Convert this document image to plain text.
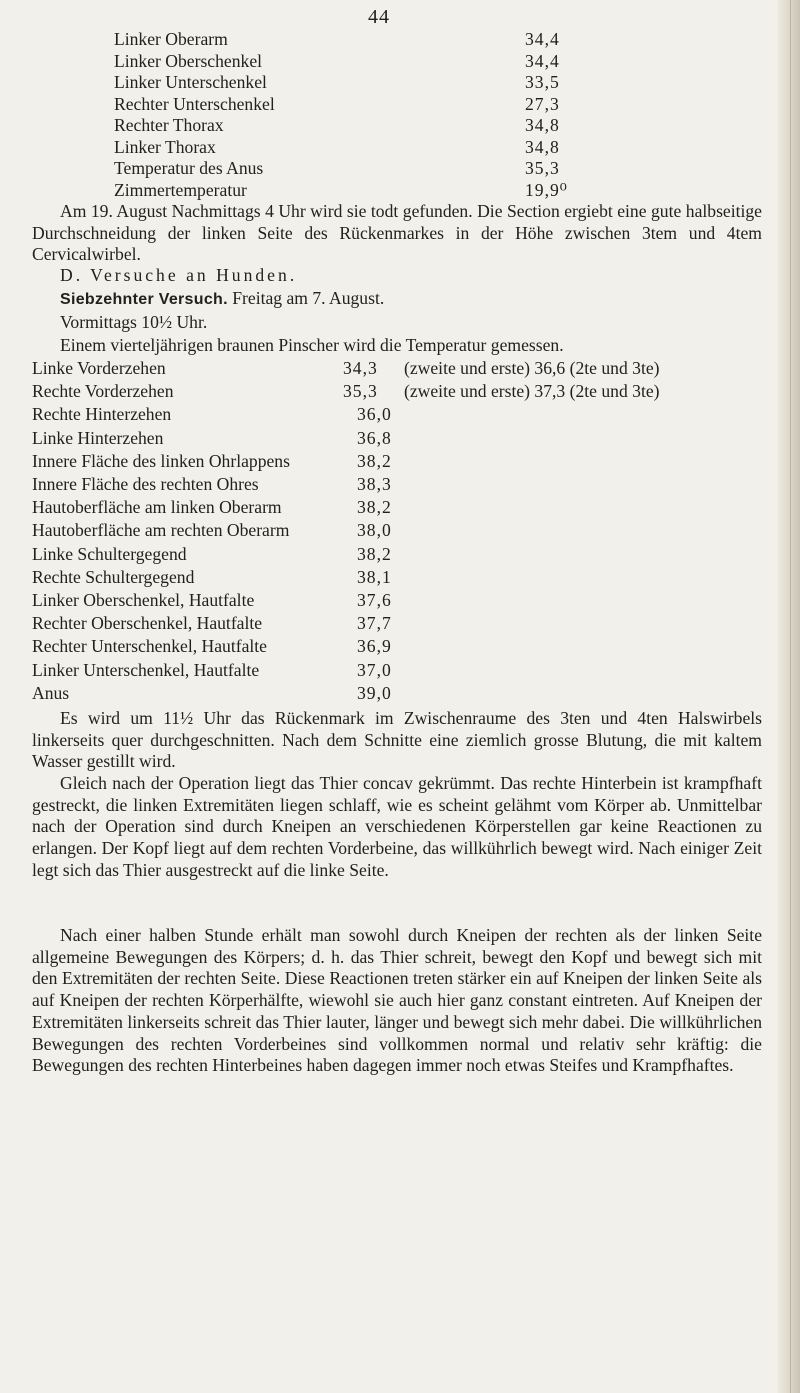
44
Linker Oberarm	34,4
Linker Oberschenkel	34,4
Linker Unterschenkel	33,5
Rechter Unterschenkel	27,3
Rechter Thorax	34,8
Linker Thorax	34,8
Temperatur des Anus	35,3
Zimmertemperatur	19,9⁰

Am 19. August Nachmittags 4 Uhr wird sie todt gefunden. Die Section ergiebt eine gute halbseitige Durchschneidung der linken Seite des Rückenmarkes in der Höhe zwischen 3tem und 4tem Cervicalwirbel.

D. Versuche an Hunden.
Siebzehnter Versuch. Freitag am 7. August.
Vormittags 10½ Uhr.
Einem vierteljährigen braunen Pinscher wird die Temperatur gemessen.
Linke Vorderzehen	34,3 (zweite und erste) 36,6 (2te und 3te)
Rechte Vorderzehen	35,3 (zweite und erste) 37,3 (2te und 3te)
Rechte Hinterzehen	36,0
Linke Hinterzehen	36,8
Innere Fläche des linken Ohrlappens	38,2
Innere Fläche des rechten Ohres	38,3
Hautoberfläche am linken Oberarm	38,2
Hautoberfläche am rechten Oberarm	38,0
Linke Schultergegend	38,2
Rechte Schultergegend	38,1
Linker Oberschenkel, Hautfalte	37,6
Rechter Oberschenkel, Hautfalte	37,7
Rechter Unterschenkel, Hautfalte	36,9
Linker Unterschenkel, Hautfalte	37,0
Anus	39,0

Es wird um 11½ Uhr das Rückenmark im Zwischenraume des 3ten und 4ten Halswirbels linkerseits quer durchgeschnitten. Nach dem Schnitte eine ziemlich grosse Blutung, die mit kaltem Wasser gestillt wird.

Gleich nach der Operation liegt das Thier concav gekrümmt. Das rechte Hinterbein ist krampfhaft gestreckt, die linken Extremitäten liegen schlaff, wie es scheint gelähmt vom Körper ab. Unmittelbar nach der Operation sind durch Kneipen an verschiedenen Körperstellen gar keine Reactionen zu erlangen. Der Kopf liegt auf dem rechten Vorderbeine, das willkührlich bewegt wird. Nach einiger Zeit legt sich das Thier ausgestreckt auf die linke Seite.

Nach einer halben Stunde erhält man sowohl durch Kneipen der rechten als der linken Seite allgemeine Bewegungen des Körpers; d. h. das Thier schreit, bewegt den Kopf und bewegt sich mit den Extremitäten der rechten Seite. Diese Reactionen treten stärker ein auf Kneipen der linken Seite als auf Kneipen der rechten Körperhälfte, wiewohl sie auch hier ganz constant eintreten. Auf Kneipen der Extremitäten linkerseits schreit das Thier lauter, länger und bewegt sich mehr dabei. Die willkührlichen Bewegungen des rechten Vorderbeines sind vollkommen normal und relativ sehr kräftig: die Bewegungen des rechten Hinterbeines haben dagegen immer noch etwas Steifes und Krampfhaftes.
